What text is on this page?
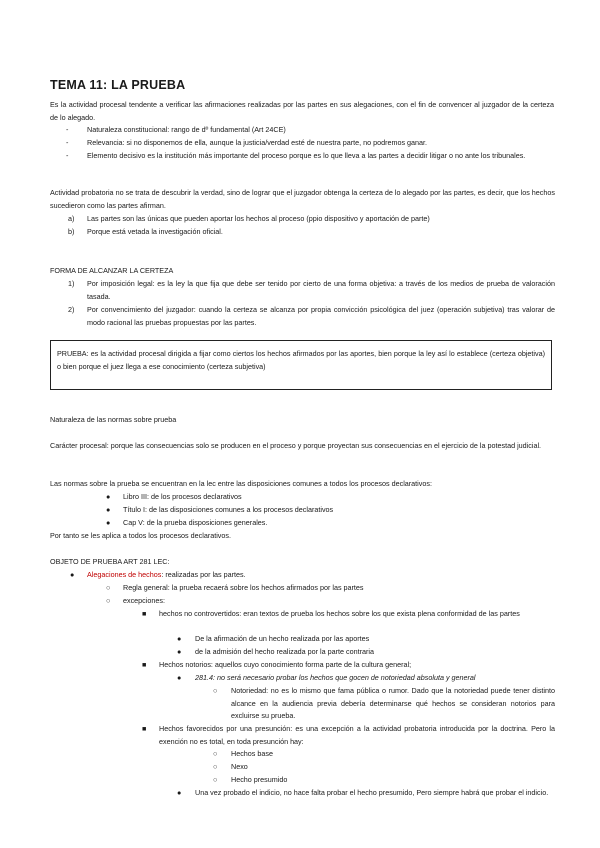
TEMA 11: LA PRUEBA
Es la actividad procesal tendente a verificar las afirmaciones realizadas por las partes en sus alegaciones, con el fin de convencer al juzgador de la certeza de lo alegado.
-	Naturaleza constitucional: rango de dº fundamental (Art 24CE)
-	Relevancia: si no disponemos de ella, aunque la justicia/verdad esté de nuestra parte, no podremos ganar.
-	Elemento decisivo es la institución más importante del proceso porque es lo que lleva a las partes a decidir litigar o no ante los tribunales.
Actividad probatoria no se trata de descubrir la verdad, sino de lograr que el juzgador obtenga la certeza de lo alegado por las partes, es decir, que los hechos sucedieron como las partes afirman.
a) Las partes son las únicas que pueden aportar los hechos al proceso (ppio dispositivo y aportación de parte)
b) Porque está vetada la investigación oficial.
FORMA DE ALCANZAR LA CERTEZA
1) Por imposición legal: es la ley la que fija que debe ser tenido por cierto de una forma objetiva: a través de los medios de prueba de valoración tasada.
2) Por convencimiento del juzgador: cuando la certeza se alcanza por propia convicción psicológica del juez (operación subjetiva) tras valorar de modo racional las pruebas propuestas por las partes.
PRUEBA: es la actividad procesal dirigida a fijar como ciertos los hechos afirmados por las aportes, bien porque la ley así lo establece (certeza objetiva) o bien porque el juez llega a ese conocimiento (certeza subjetiva)
Naturaleza de las normas sobre prueba
Carácter procesal: porque las consecuencias solo se producen en el proceso y porque proyectan sus consecuencias en el ejercicio de la potestad judicial.
Las normas sobre la prueba se encuentran en la lec entre las disposiciones comunes a todos los procesos declarativos:
● Libro III: de los procesos declarativos
● Título I: de las disposiciones comunes a los procesos declarativos
● Cap V: de la prueba disposiciones generales.
Por tanto se les aplica a todos los procesos declarativos.
OBJETO DE PRUEBA ART 281 LEC:
● Alegaciones de hechos: realizadas por las partes.
○ Regla general: la prueba recaerá sobre los hechos afirmados por las partes
○ excepciones:
■ hechos no controvertidos: eran textos de prueba los hechos sobre los que exista plena conformidad de las partes
● De la afirmación de un hecho realizada por las aportes
● de la admisión del hecho realizada por la parte contraria
■ Hechos notorios: aquellos cuyo conocimiento forma parte de la cultura general;
● 281.4: no será necesario probar los hechos que gocen de notoriedad absoluta y general
○ Notoriedad: no es lo mismo que fama pública o rumor. Dado que la notoriedad puede tener distinto alcance en la audiencia previa debería determinarse qué hechos se consideran notorios para excluirse su prueba.
■ Hechos favorecidos por una presunción: es una excepción a la actividad probatoria introducida por la doctrina. Pero la exención no es total, en toda presunción hay:
○ Hechos base
○ Nexo
○ Hecho presumido
● Una vez probado el indicio, no hace falta probar el hecho presumido, Pero siempre habrá que probar el indicio.
